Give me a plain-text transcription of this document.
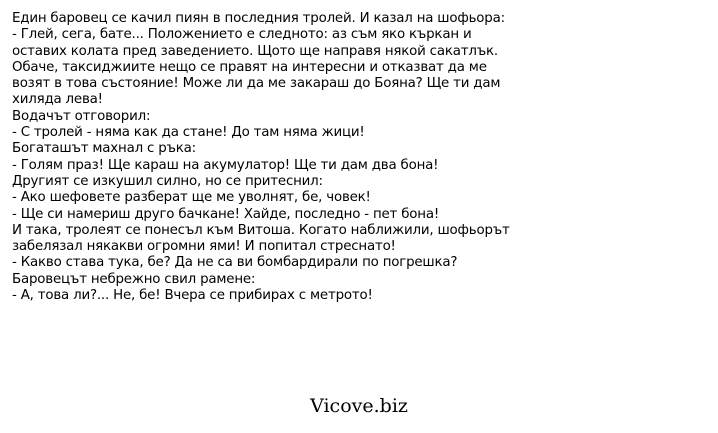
Един баровец се качил пиян в последния тролей. И казал на шофьора:
- Глей, сега, бате... Положението е следното: аз съм яко къркан и
оставих колата пред заведението. Щото ще направя някой сакатлък.
Обаче, таксиджиите нещо се правят на интересни и отказват да ме
возят в това състояние! Може ли да ме закараш до Бояна? Ще ти дам
хиляда лева!
Водачът отговорил:
- С тролей - няма как да стане! До там няма жици!
Богаташът махнал с ръка:
- Голям праз! Ще караш на акумулатор! Ще ти дам два бона!
Другият се изкушил силно, но се притеснил:
- Ако шефовете разберат ще ме уволнят, бе, човек!
- Ще си намериш друго бачкане! Хайде, последно - пет бона!
И така, тролеят се понесъл към Витоша. Когато наближили, шофьорът
забелязал някакви огромни ями! И попитал стреснато!
- Какво става тука, бе? Да не са ви бомбардирали по погрешка?
Баровецът небрежно свил рамене:
- А, това ли?... Не, бе! Вчера се прибирах с метрото!
Vicove.biz
